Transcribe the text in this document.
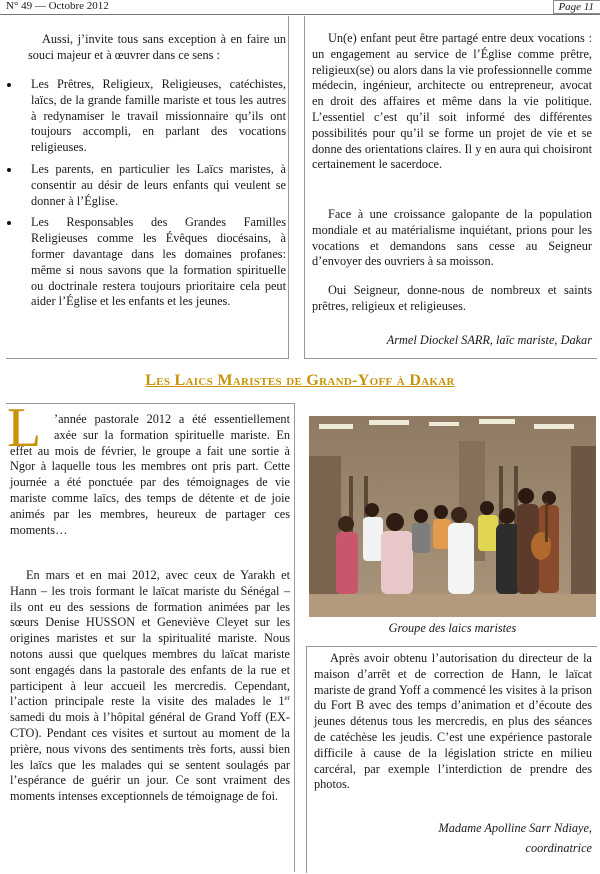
N° 49 — Octobre 2012	Page 11

Aussi, j’invite tous sans exception à en faire un souci majeur et à œuvrer dans ce sens :

Les Prêtres, Religieux, Religieuses, catéchistes, laïcs, de la grande famille mariste et tous les autres à redynamiser le travail missionnaire qu’ils ont toujours accompli, en parlant des vocations religieuses.
Les parents, en particulier les Laïcs maristes, à consentir au désir de leurs enfants qui veulent se donner à l’Église.
Les Responsables des Grandes Familles Religieuses comme les Évêques diocésains, à former davantage dans les domaines profanes: même si nous savons que la formation spirituelle ou doctrinale restera toujours prioritaire cela peut aider l’Église et les enfants et les jeunes.

Un(e) enfant peut être partagé entre deux vocations : un engagement au service de l’Église comme prêtre, religieux(se) ou alors dans la vie professionnelle comme médecin, ingénieur, architecte ou entrepreneur, avocat en droit des affaires et même dans la vie politique. L’essentiel c’est qu’il soit informé des différentes possibilités pour qu’il se forme un projet de vie et se donne des orientations claires. Il y en aura qui choisiront certainement le sacerdoce.

Face à une croissance galopante de la population mondiale et au matérialisme inquiétant, prions pour les vocations et demandons sans cesse au Seigneur d’envoyer des ouvriers à sa moisson.

Oui Seigneur, donne-nous de nombreux et saints prêtres, religieux et religieuses.

Armel Diockel SARR, laïc mariste, Dakar
Les Laics Maristes de Grand-Yoff à Dakar
L	’année pastorale 2012 a été essentiellement axée sur la formation spirituelle mariste. En effet au mois de février, le groupe a fait une sortie à Ngor à laquelle tous les membres ont pris part. Cette journée a été ponctuée par des témoignages de vie mariste comme laïcs, des temps de détente et de joie animés par les membres, heureux de partager ces moments…

En mars et en mai 2012, avec ceux de Yarakh et Hann – les trois formant le laïcat mariste du Sénégal – ils ont eu des sessions de formation animées par les sœurs Denise HUSSON et Geneviève Cleyet sur les origines maristes et sur la spiritualité mariste. Nous notons aussi que quelques membres du laïcat mariste sont engagés dans la pastorale des enfants de la rue et participent à leur accueil les mercredis. Cependant, l’action principale reste la visite des malades le 1er samedi du mois à l’hôpital général de Grand Yoff (EX-CTO). Pendant ces visites et surtout au moment de la prière, nous vivons des sentiments très forts, aussi bien les laïcs que les malades qui se sentent soulagés par l’espérance de guérir un jour. Ce sont vraiment des moments intenses exceptionnels de témoignage de foi.

Groupe des laics maristes

Après avoir obtenu l’autorisation du directeur de la maison d’arrêt et de correction de Hann, le laïcat mariste de grand Yoff a commencé les visites à la prison du Fort B avec des temps d’animation et d’écoute des jeunes détenus tous les mercredis, en plus des séances de catéchèse les jeudis. C’est une expérience pastorale difficile à cause de la législation stricte en milieu carcéral, par exemple l’interdiction de prendre des photos.

Madame Apolline Sarr Ndiaye,
coordinatrice
